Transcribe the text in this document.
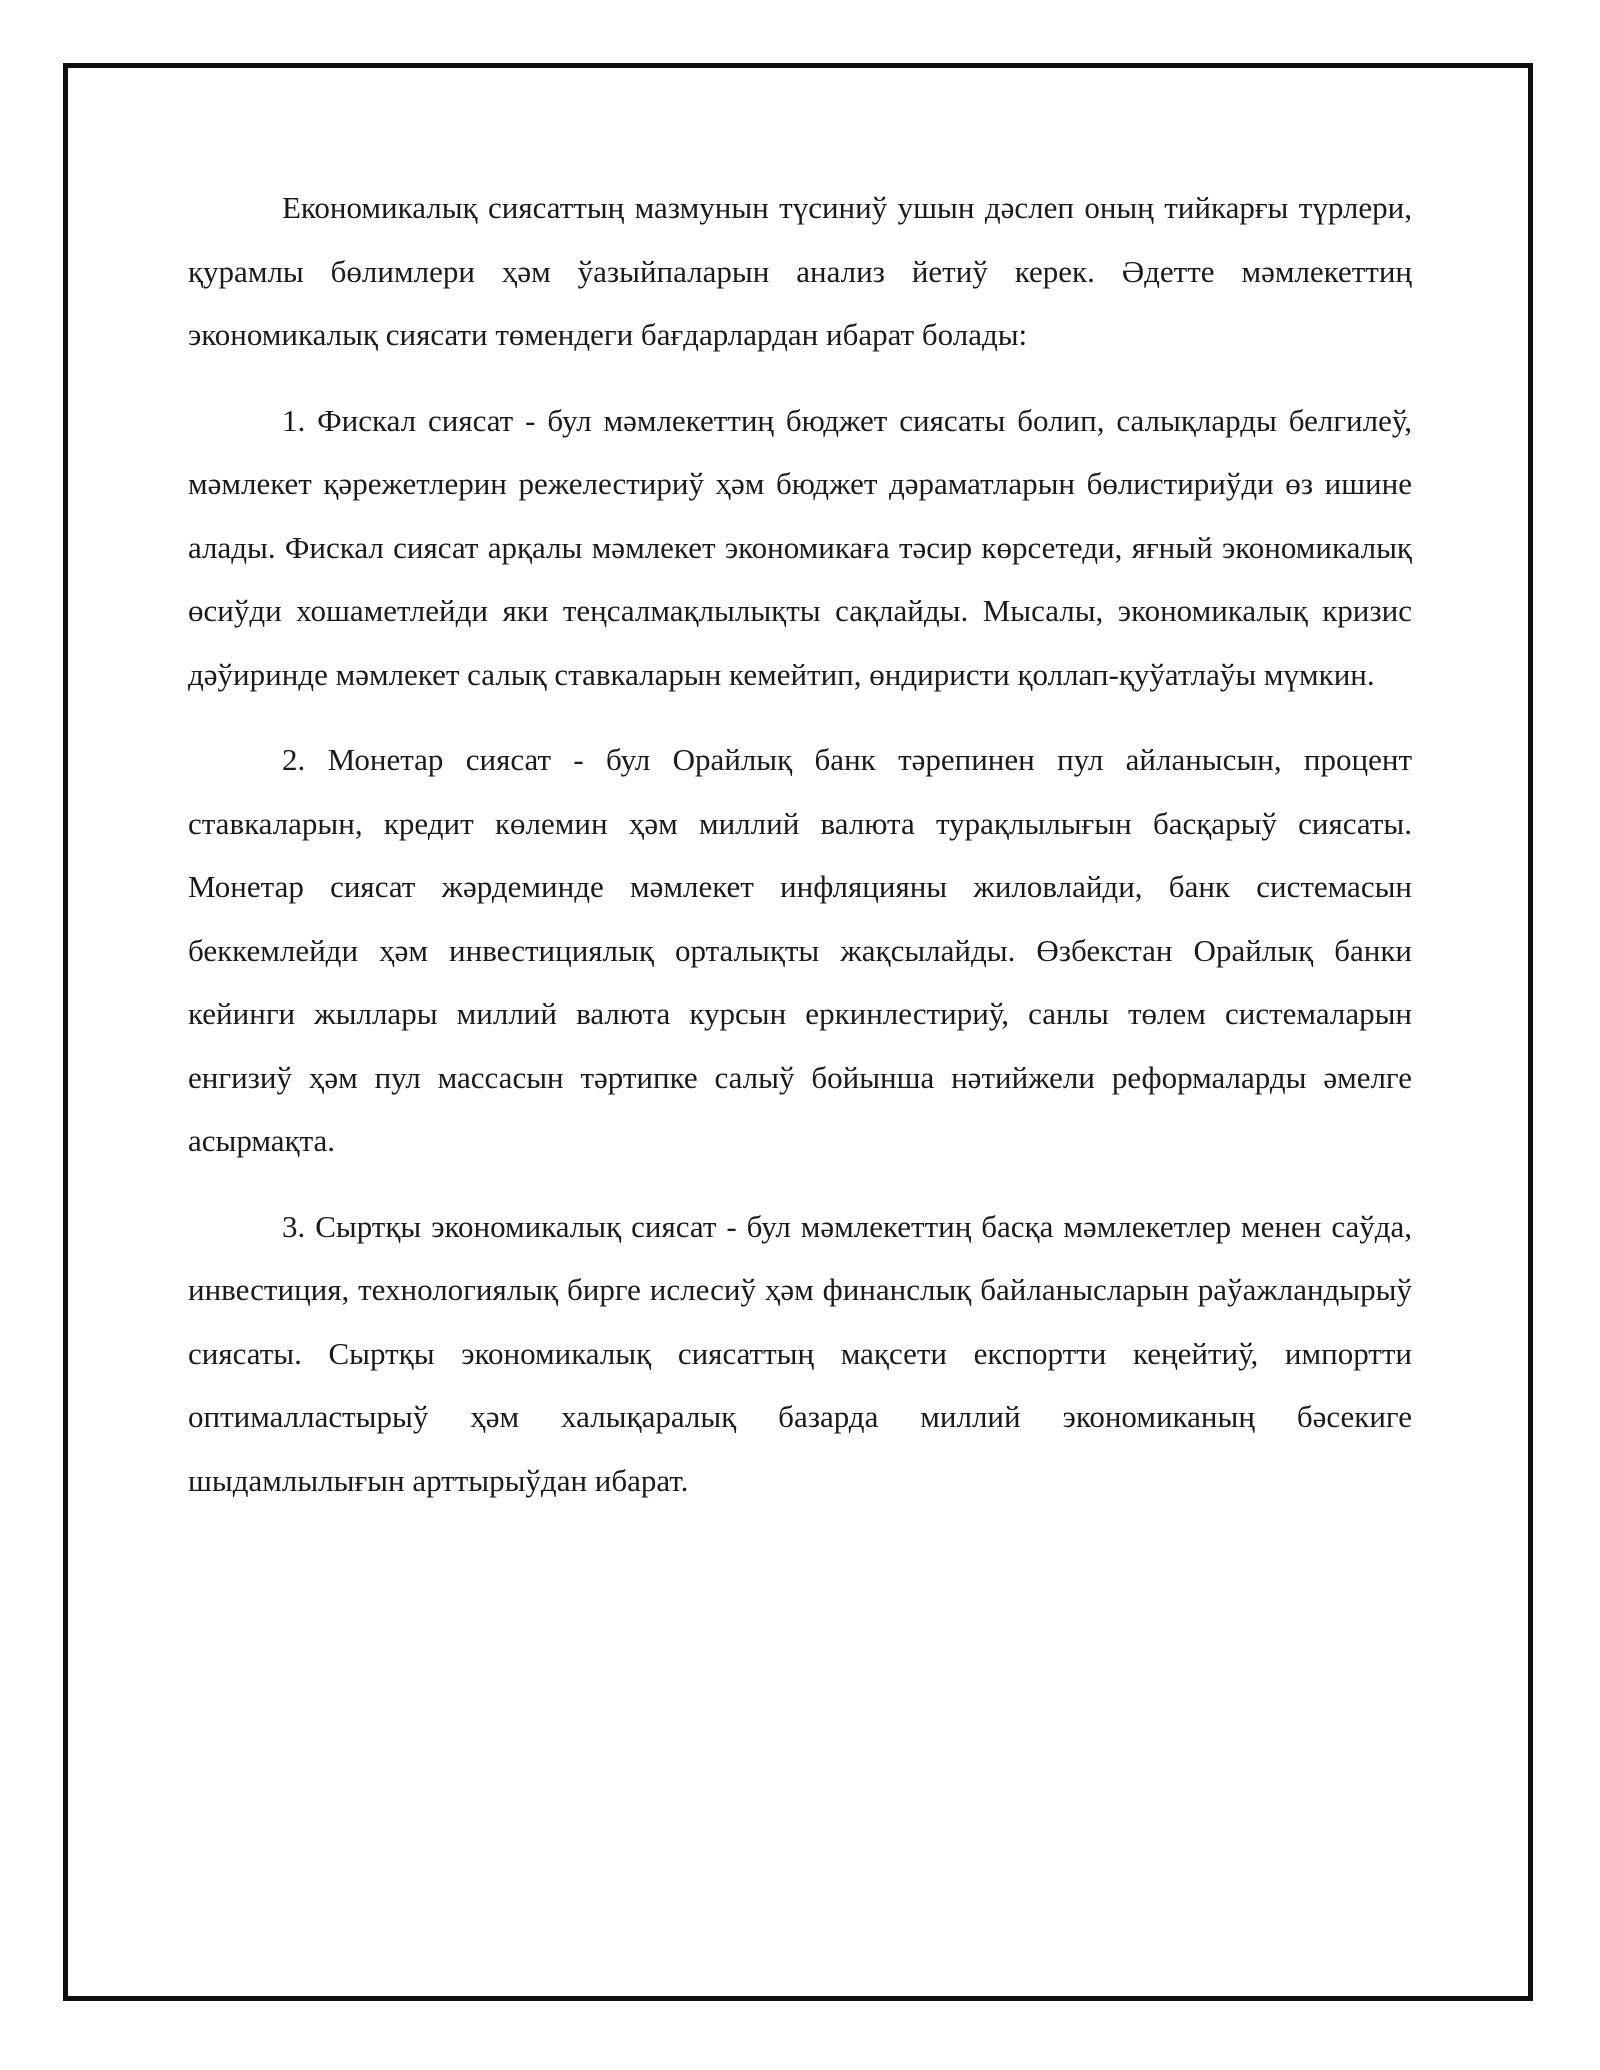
Економикалық сиясаттың мазмунын түсиниў ушын дәслеп оның тийкарғы түрлери, қурамлы бөлимлери ҳәм ўазыйпаларын анализ йетиў керек. Әдетте мәмлекеттиң экономикалық сиясати төмендеги бағдарлардан ибарат болады:

1. Фискал сиясат - бул мәмлекеттиң бюджет сиясаты болип, салықларды белгилеў, мәмлекет қәрежетлерин режелестириў ҳәм бюджет дәраматларын бөлистириўди өз ишине алады. Фискал сиясат арқалы мәмлекет экономикаға тәсир көрсетеди, яғный экономикалық өсиўди хошаметлейди яки теңсалмақлылықты сақлайды. Мысалы, экономикалық кризис дәўиринде мәмлекет салық ставкаларын кемейтип, өндиристи қоллап-қуўатлаўы мүмкин.

2. Монетар сиясат - бул Орайлық банк тәрепинен пул айланысын, процент ставкаларын, кредит көлемин ҳәм миллий валюта турақлылығын басқарыў сиясаты. Монетар сиясат жәрдеминде мәмлекет инфляцияны жиловлайди, банк системасын беккемлейди ҳәм инвестициялық орталықты жақсылайды. Өзбекстан Орайлық банки кейинги жыллары миллий валюта курсын еркинлестириў, санлы төлем системаларын енгизиў ҳәм пул массасын тәртипке салыў бойынша нәтийжели реформаларды әмелге асырмақта.

3. Сыртқы экономикалық сиясат - бул мәмлекеттиң басқа мәмлекетлер менен саўда, инвестиция, технологиялық бирге ислесиў ҳәм финанслық байланысларын раўажландырыў сиясаты. Сыртқы экономикалық сиясаттың мақсети експортти кеңейтиў, импортти оптималластырыў ҳәм халықаралық базарда миллий экономиканың бәсекиге шыдамлылығын арттырыўдан ибарат.
